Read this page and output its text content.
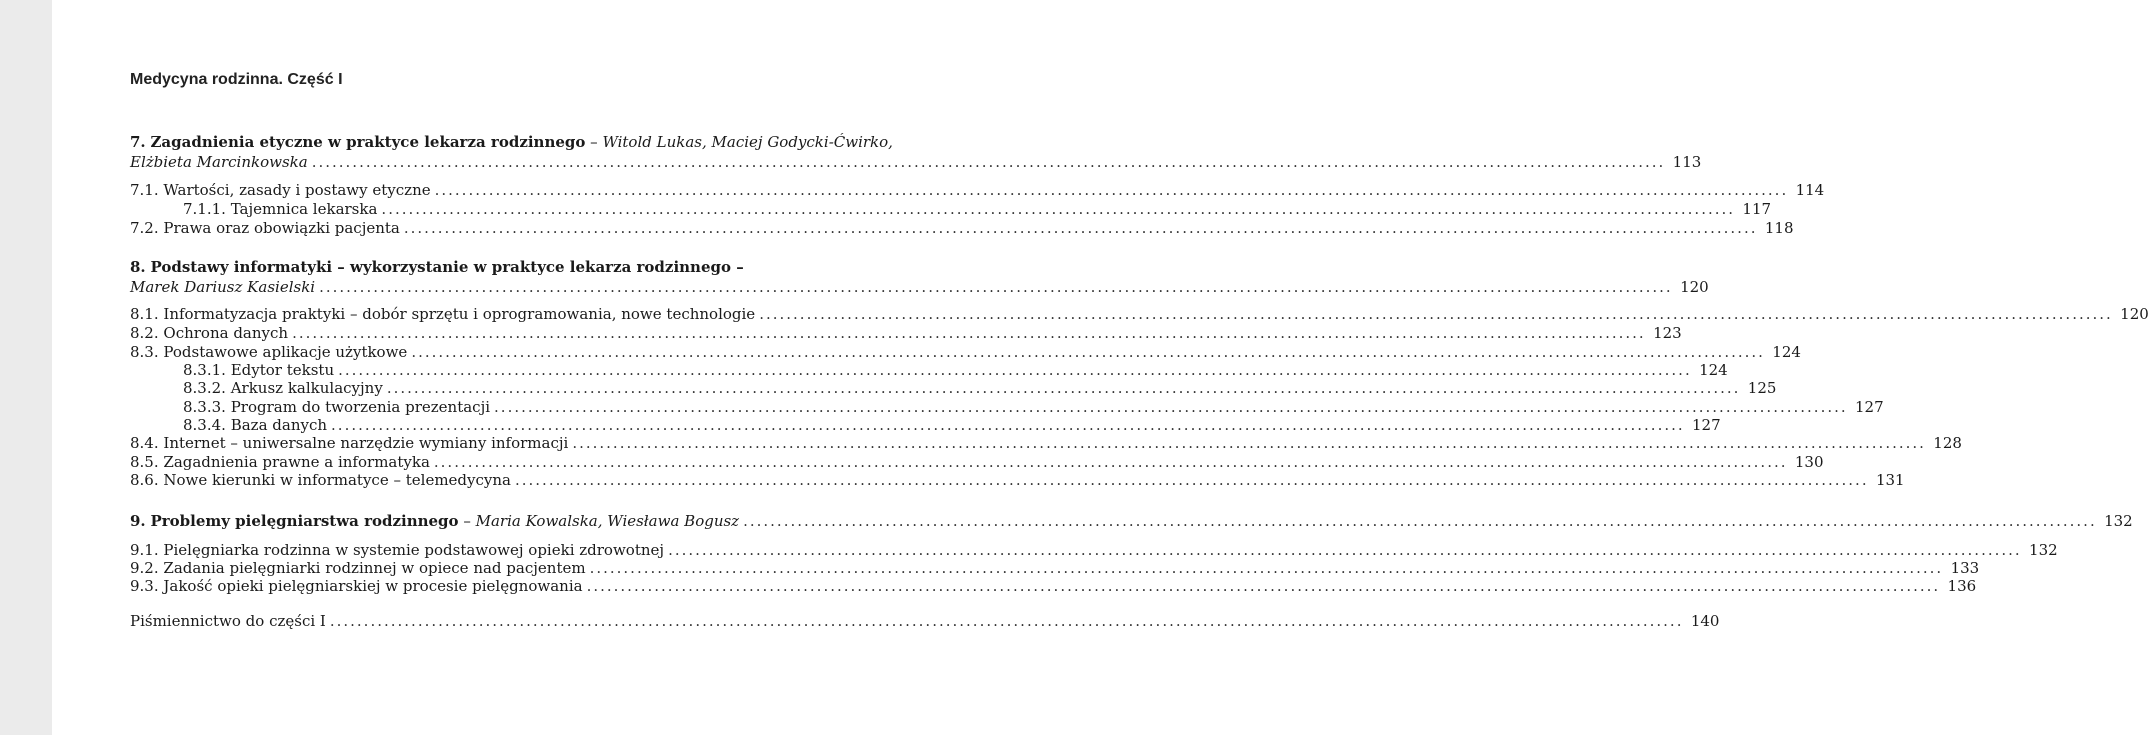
Medycyna rodzinna. Część I
7. Zagadnienia etyczne w praktyce lekarza rodzinnego – Witold Lukas, Maciej Godycki-Ćwirko,
Elżbieta Marcinkowska ........................................................................................................................................................................................................ 113
7.1. Wartości, zasady i postawy etyczne ........................................................................................................................................................................................................ 114
7.1.1. Tajemnica lekarska ........................................................................................................................................................................................................ 117
7.2. Prawa oraz obowiązki pacjenta ........................................................................................................................................................................................................ 118
8. Podstawy informatyki – wykorzystanie w praktyce lekarza rodzinnego –
Marek Dariusz Kasielski ........................................................................................................................................................................................................ 120
8.1. Informatyzacja praktyki – dobór sprzętu i oprogramowania, nowe technologie ........................................................................................................................................................................................................ 120
8.2. Ochrona danych ........................................................................................................................................................................................................ 123
8.3. Podstawowe aplikacje użytkowe ........................................................................................................................................................................................................ 124
8.3.1. Edytor tekstu ........................................................................................................................................................................................................ 124
8.3.2. Arkusz kalkulacyjny ........................................................................................................................................................................................................ 125
8.3.3. Program do tworzenia prezentacji ........................................................................................................................................................................................................ 127
8.3.4. Baza danych ........................................................................................................................................................................................................ 127
8.4. Internet – uniwersalne narzędzie wymiany informacji ........................................................................................................................................................................................................ 128
8.5. Zagadnienia prawne a informatyka ........................................................................................................................................................................................................ 130
8.6. Nowe kierunki w informatyce – telemedycyna ........................................................................................................................................................................................................ 131
9. Problemy pielęgniarstwa rodzinnego – Maria Kowalska, Wiesława Bogusz ........................................................................................................................................................................................................ 132
9.1. Pielęgniarka rodzinna w systemie podstawowej opieki zdrowotnej ........................................................................................................................................................................................................ 132
9.2. Zadania pielęgniarki rodzinnej w opiece nad pacjentem ........................................................................................................................................................................................................ 133
9.3. Jakość opieki pielęgniarskiej w procesie pielęgnowania ........................................................................................................................................................................................................ 136
Piśmiennictwo do części I ........................................................................................................................................................................................................ 140
